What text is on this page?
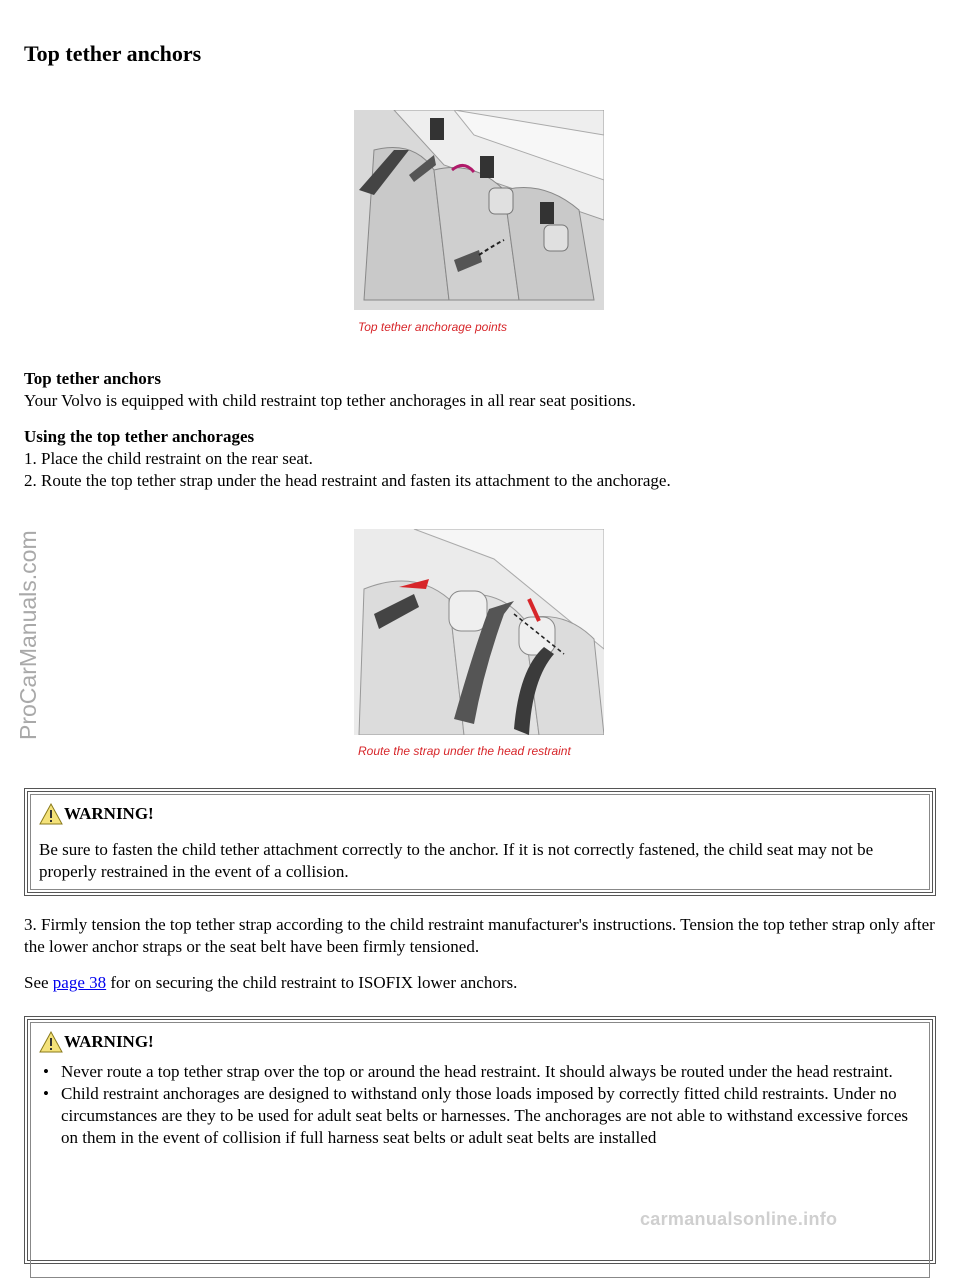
ProCarManuals.com
Top tether anchors
Top tether anchorage points

Top tether anchors

Your Volvo is equipped with child restraint top tether anchorages in all rear seat positions.

Using the top tether anchorages

1. Place the child restraint on the rear seat.

2. Route the top tether strap under the head restraint and fasten its attachment to the anchorage.

Route the strap under the head restraint
WARNING!

Be sure to fasten the child tether attachment correctly to the anchor. If it is not correctly fastened, the child seat may not be properly restrained in the event of a collision.

3. Firmly tension the top tether strap according to the child restraint manufacturer's instructions. Tension the top tether strap only after the lower anchor straps or the seat belt have been firmly tensioned.

See page 38 for on securing the child restraint to ISOFIX lower anchors.

WARNING!
• Never route a top tether strap over the top or around the head restraint. It should always be routed under the head restraint.
• Child restraint anchorages are designed to withstand only those loads imposed by correctly fitted child restraints. Under no circumstances are they to be used for adult seat belts or harnesses. The anchorages are not able to withstand excessive forces on them in the event of collision if full harness seat belts or adult seat belts are installed
carmanualsonline.info
